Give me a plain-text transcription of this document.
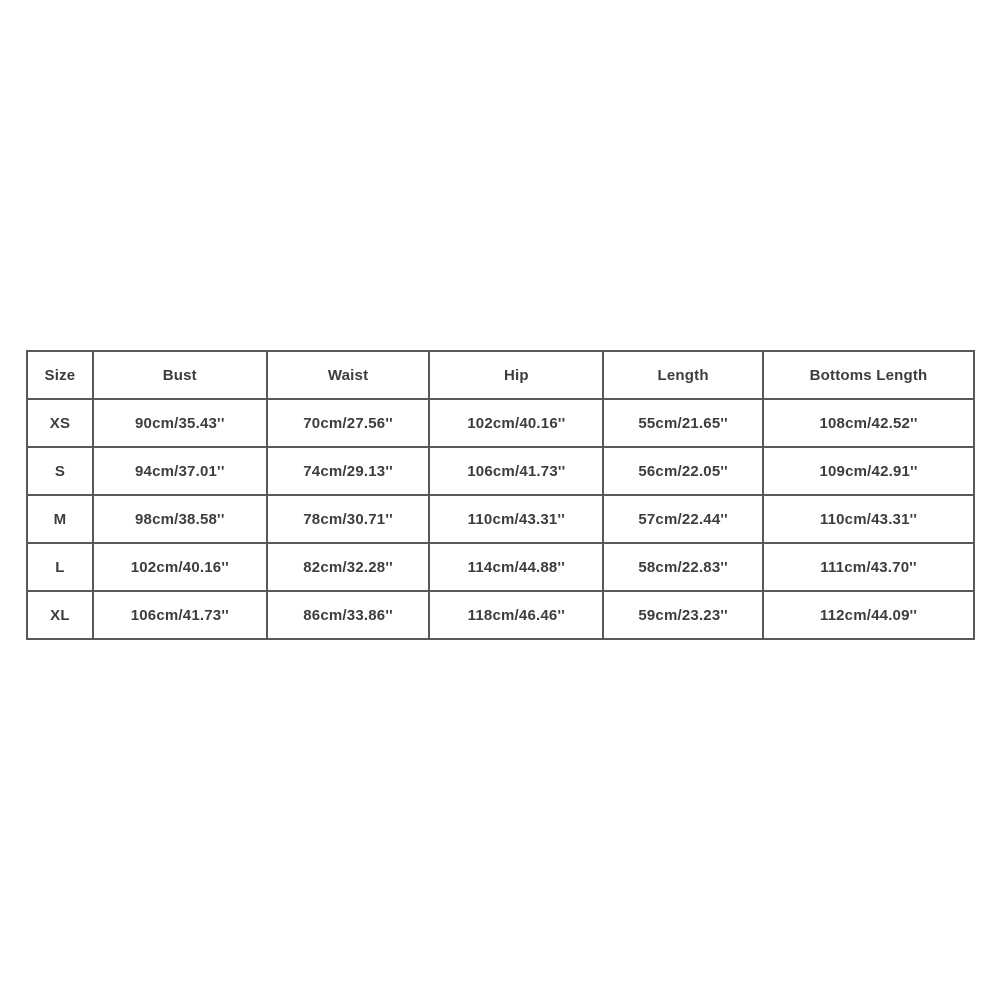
Size	Bust	Waist	Hip	Length	Bottoms Length
XS	90cm/35.43''	70cm/27.56''	102cm/40.16''	55cm/21.65''	108cm/42.52''
S	94cm/37.01''	74cm/29.13''	106cm/41.73''	56cm/22.05''	109cm/42.91''
M	98cm/38.58''	78cm/30.71''	110cm/43.31''	57cm/22.44''	110cm/43.31''
L	102cm/40.16''	82cm/32.28''	114cm/44.88''	58cm/22.83''	111cm/43.70''
XL	106cm/41.73''	86cm/33.86''	118cm/46.46''	59cm/23.23''	112cm/44.09''
